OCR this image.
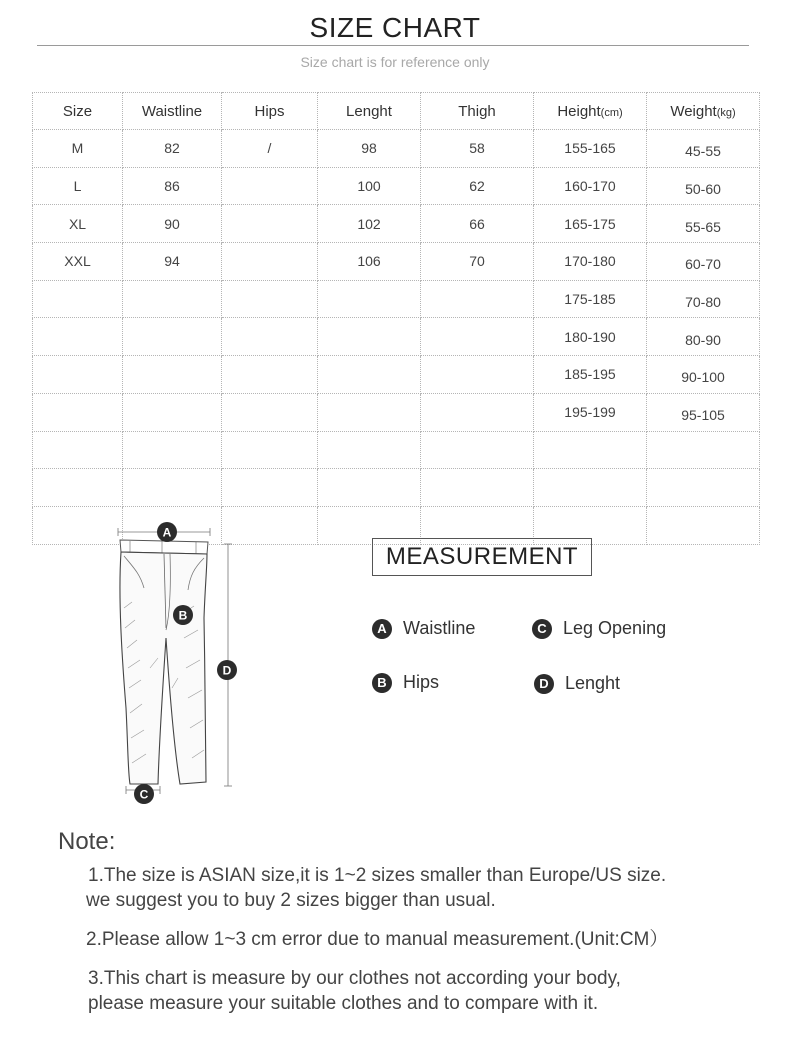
SIZE CHART
Size chart is for reference only
Size	Waistline	Hips	Lenght	Thigh	Height(cm)	Weight(kg)
M	82	/	98	58	155-165	45-55
L	86		100	62	160-170	50-60
XL	90		102	66	165-175	55-65
XXL	94		106	70	170-180	60-70
					175-185	70-80
					180-190	80-90
					185-195	90-100
					195-199	95-105

A
B
C
D
MEASUREMENT
A Waistline	C Leg Opening
B Hips	D Lenght
Note:
1.The size is ASIAN size,it is 1~2 sizes smaller than Europe/US size.
we suggest you to buy 2 sizes bigger than usual.
2.Please allow 1~3 cm error due to manual measurement.(Unit:CM）
3.This chart is measure by our clothes not according your body,
please measure your suitable clothes and to compare with it.
